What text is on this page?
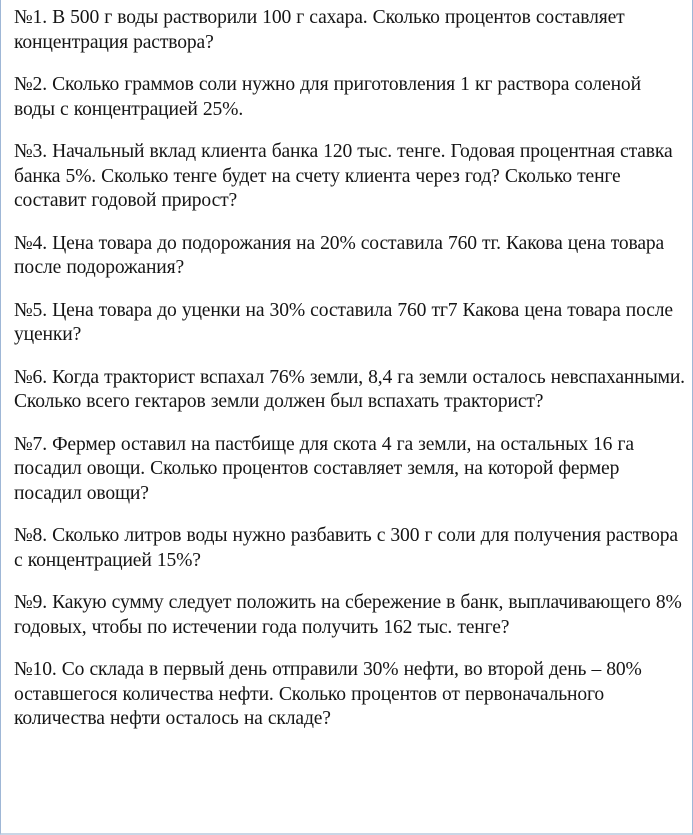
№1. В 500 г воды растворили 100 г сахара. Сколько процентов составляет концентрация раствора?
№2. Сколько граммов соли нужно для приготовления 1 кг раствора соленой воды с концентрацией 25%.
№3. Начальный вклад клиента банка 120 тыс. тенге. Годовая процентная ставка банка 5%. Сколько тенге будет на счету клиента через год? Сколько тенге составит годовой прирост?
№4. Цена товара до подорожания на 20% составила 760 тг. Какова цена товара после подорожания?
№5. Цена товара до уценки на 30% составила 760 тг7 Какова цена товара после уценки?
№6. Когда тракторист вспахал 76% земли, 8,4 га земли осталось невспаханными. Сколько всего гектаров земли должен был вспахать тракторист?
№7. Фермер оставил на пастбище для скота 4 га земли, на остальных 16 га посадил овощи. Сколько процентов составляет земля, на которой фермер посадил овощи?
№8. Сколько литров воды нужно разбавить с 300 г соли для получения раствора с концентрацией 15%?
№9. Какую сумму следует положить на сбережение в банк, выплачивающего 8% годовых, чтобы по истечении года получить 162 тыс. тенге?
№10. Со склада в первый день отправили 30% нефти, во второй день – 80% оставшегося количества нефти. Сколько процентов от первоначального количества нефти осталось на складе?
